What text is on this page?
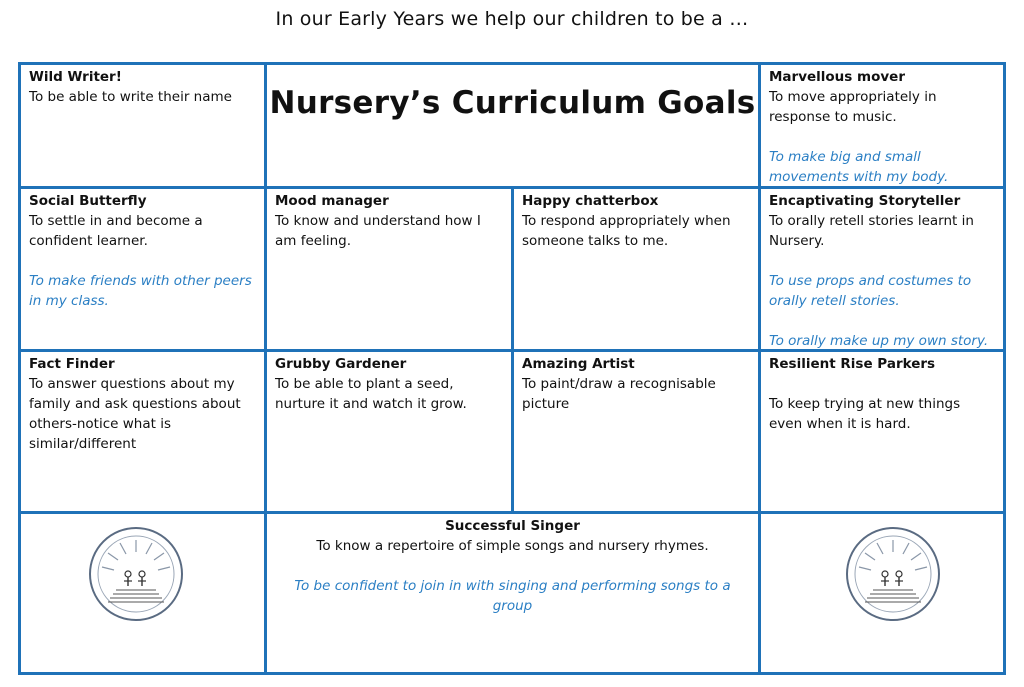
In our Early Years we help our children to be a …
Wild Writer!
To be able to write their name	Nursery’s Curriculum Goals
Marvellous mover
To move appropriately in response to music.
To make big and small movements with my body.
Social Butterfly
To settle in and become a confident learner.
To make friends with other peers in my class.
Mood manager
To know and understand how I am feeling.
Happy chatterbox
To respond appropriately when someone talks to me.
Encaptivating Storyteller
To orally retell stories learnt in Nursery.
To use props and costumes to orally retell stories.
To orally make up my own story.
Fact Finder
To answer questions about my family and ask questions about others-notice what is similar/different
Grubby Gardener
To be able to plant a seed, nurture it and watch it grow.
Amazing Artist
To paint/draw a recognisable picture
Resilient Rise Parkers
To keep trying at new things even when it is hard.
Successful Singer
To know a repertoire of simple songs and nursery rhymes.
To be confident to join in with singing and performing songs to a group
